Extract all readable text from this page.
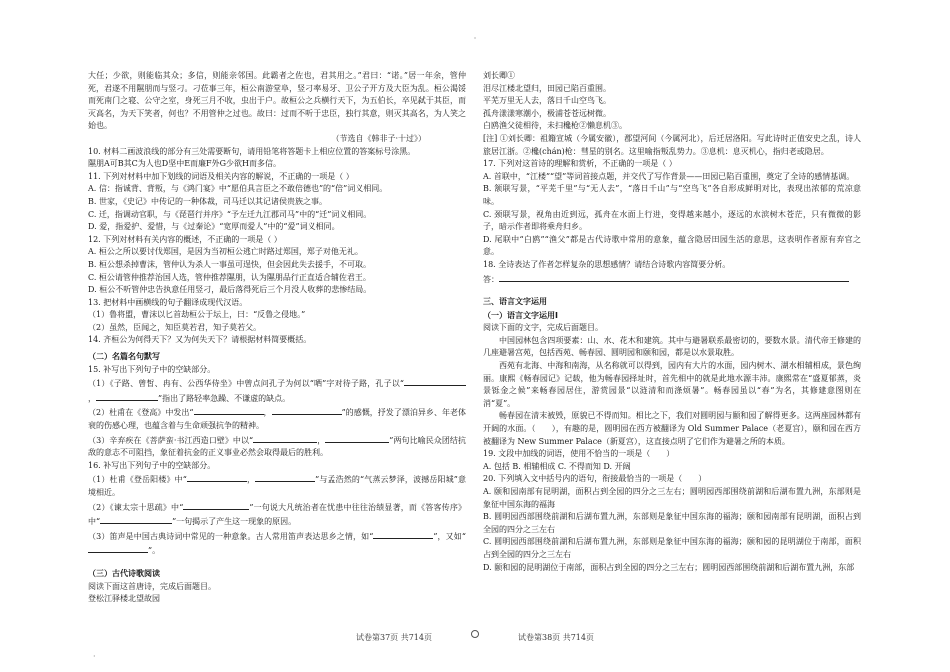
·

大任；少欲，则能临其众；多信，则能亲邻国。此霸者之佐也，君其用之。”君曰：“诺。”居一年余，管仲死，君遂不用隰朋而与竖刁。刁莅事三年，桓公南游堂阜，竖刁率易牙、卫公子开方及大臣为乱。桓公渴馁而死南门之寝、公守之室，身死三月不收，虫出于户。故桓公之兵横行天下，为五伯长，卒见弑于其臣，而灭高名，为天下笑者，何也？不用管仲之过也。故曰：过而不听于忠臣，独行其意，则灭其高名，为人笑之始也。

（节选自《韩非子·十过》）

10. 材料二画波浪线的部分有三处需要断句，请用铅笔将答题卡上相应位置的答案标号涂黑。

隰朋A可B其C为人也D坚中E而廉F外G少欲H而多信。

11. 下列对材料中加下划线的词语及相关内容的解说，不正确的一项是（ ）

A. 信：指诚背、背叛，与《鸿门宴》中“愿伯具言臣之不敢倍德也”的“倍”词义相同。

B. 世家，《史记》中传记的一种体裁，司马迁以其记诸侯贵族之事。

C. 迁，指调动官职，与《琵琶行并序》“予左迁九江郡司马”中的“迁”词义相同。

D. 爱，指爱护、爱惜，与《过秦论》“宽厚而爱人”中的“爱”词义相同。

12. 下列对材料有关内容的概述，不正确的一项是（ ）

A. 桓公之所以要讨伐郑国，是因为当初桓公逃亡时路过郑国，郑子对他无礼。

B. 桓公想杀掉曹沫，管仲认为杀人一事虽可逞快，但会因此失去援手，不可取。

C. 桓公请管仲推荐治国人选，管仲推荐隰朋，认为隰朋品行正直适合辅佐君王。

D. 桓公不听管仲忠告执意任用竖刁，最后落得死后三个月没人收葬的悲惨结局。

13. 把材料中画横线的句子翻译成现代汉语。

（1）鲁将盟，曹沫以匕首劫桓公于坛上，曰：“反鲁之侵地。”

（2）虽然，臣闻之，知臣莫若君，知子莫若父。

14. 齐桓公为何得天下？又为何失天下？请根据材料简要概括。

（二）名篇名句默写

15. 补写出下列句子中的空缺部分。

（1）《子路、曾皙、冉有、公西华侍坐》中曾点问孔子为何以“哂”字对待子路，孔子以“，	”指出了路轻率急躁、不谦虚的缺点。

（2）杜甫在《登高》中发出“	，	”的感慨，抒发了漂泊异乡、年老体衰的伤感心理，也蕴含着与生命顽强抗争的精神。

（3）辛弃疾在《菩萨蛮·书江西造口壁》中以“	，	”两句比喻民众团结抗敌的意志不可阻挡，象征着抗金的正义事业必然会取得最后的胜利。

16. 补写出下列句子中的空缺部分。

（1）杜甫《登岳阳楼》中“	，	”与孟浩然的“气蒸云梦泽，波撼岳阳城”意境相近。

（2）《谏太宗十思疏》中“	”一句说大凡统治者在忧患中往往治绩显著，而《答客传序》中“	”一句揭示了产生这一现象的原因。

（3）笛声是中国古典诗词中常见的一种意象。古人常用笛声表达思乡之情，如“	”，又如“”。

（三）古代诗歌阅读

阅读下面这首唐诗，完成后面题目。

登松江驿楼北望故园

刘长卿①

泪尽江楼北望归，田园已陷百重围。

平芜万里无人去，落日千山空鸟飞。

孤舟漾漾寒潮小，极浦苍苍远树微。

白鸥渔父徒相待，未扫欃枪②懒息机③。

[注] ①刘长卿：祖籍宣城（今属安徽），郡望河间（今属河北），后迁居洛阳。写此诗时正值安史之乱，诗人旅居江浙。②欃(chán)枪：彗星的别名。这里喻指叛乱势力。③息机：息灭机心，指归老或隐居。

17. 下列对这首诗的理解和赏析，不正确的一项是（ ）

A. 首联中，“江楼”“望”等词首接点题，并交代了写作背景——田园已陷百重围，奠定了全诗的感情基调。

B. 颔联写景，“平芜千里”与“无人去”，“落日千山”与“空鸟飞”各自形成鲜明对比，表现出浓郁的荒凉意味。

C. 颈联写景，视角由近到远，孤舟在水面上行进，变得越来越小，逐远的水滨树木苍茫，只有微微的影子，暗示作者即将乘舟归乡。

D. 尾联中“白鸥”“渔父”都是古代诗歌中常用的意象，蕴含隐居田园生活的意思，这表明作者原有弃官之意。

18. 全诗表达了作者怎样复杂的思想感情？请结合诗歌内容简要分析。

答：

三、语言文字运用

（一）语言文字运用Ⅰ

阅读下面的文字，完成后面题目。

中国园林包含四项要素：山、水、花木和建筑。其中与避暑联系最密切的，要数水景。清代帝王修建的几座避暑宫苑，包括西苑、畅春园、圆明园和颐和园，都是以水景取胜。

西苑有北海、中海和南海，从名称就可以得到，园内有大片的水面，园内树木、湖水相辅相成，景色绚丽。康熙《畅春园记》记载，他为畅春园择址时，首先相中的就是此地水源丰沛。康熙常在“盛夏郁蒸，炎景铄金之候”来畅春园居住，游赏园景“以涟清和而涤烦暑”。畅春园虽以“春”为名，其修建意图则在消“夏”。

畅春园在清末被毁，原貌已不得而知。相比之下，我们对圆明园与颐和园了解得更多。这两座园林都有开阔的水面。（　　），有趣的是，圆明园在西方被翻译为 Old Summer Palace（老夏宫），颐和园在西方被翻译为 New Summer Palace（新夏宫），这直接点明了它们作为避暑之所的本质。

19. 文段中加线的词语，使用不恰当的一项是（　　）

A. 包括 B. 相辅相成 C. 不得而知 D. 开阔

20. 下列填入文中括号内的语句，衔接最恰当的一项是（　　）

A. 颐和园南部有昆明湖，面积占到全园的四分之三左右；圆明园西部围绕前湖和后湖布置九洲，东部则是象征中国东海的福海

B. 圆明园西部围绕前湖和后湖布置九洲，东部则是象征中国东海的福海；颐和园南部有昆明湖，面积占到全园的四分之三左右

C. 圆明园西部围绕前湖和后湖布置九洲，东部则是象征中国东海的福海；颐和园的昆明湖位于南部，面积占到全园的四分之三左右

D. 颐和园的昆明湖位于南部，面积占到全园的四分之三左右；圆明园西部围绕前湖和后湖布置九洲，东部

试卷第37页 共714页	试卷第38页 共714页
·
